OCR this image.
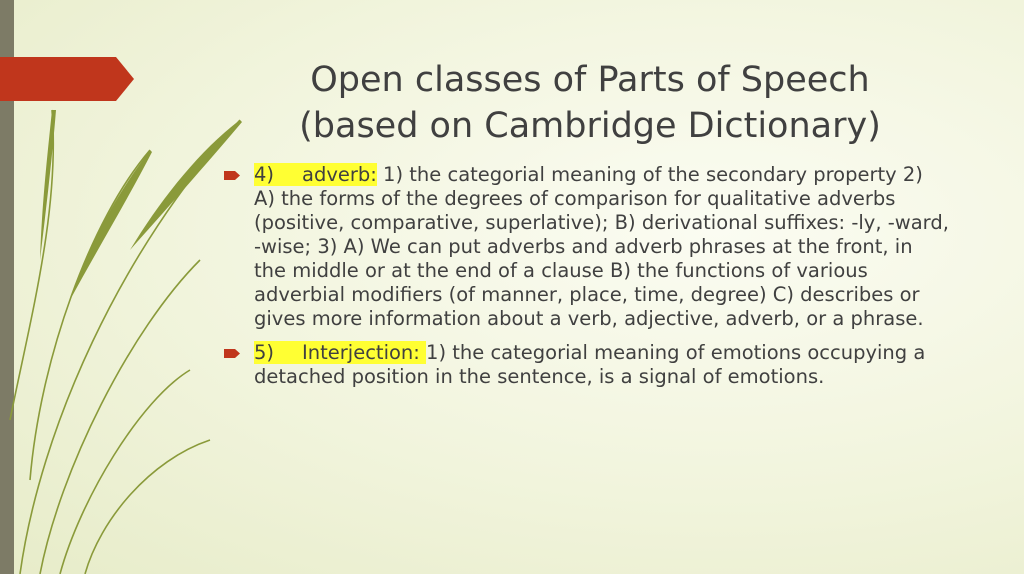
Open classes of Parts of Speech
(based on Cambridge Dictionary)
4) adverb: 1) the categorial meaning of the secondary property 2) A) the forms of the degrees of comparison for qualitative adverbs (positive, comparative, superlative); B) derivational suffixes: -ly, -ward, -wise; 3) A) We can put adverbs and adverb phrases at the front, in the middle or at the end of a clause B) the functions of various adverbial modifiers (of manner, place, time, degree) C) describes or gives more information about a verb, adjective, adverb, or a phrase.
5) Interjection: 1) the categorial meaning of emotions occupying a detached position in the sentence, is a signal of emotions.
